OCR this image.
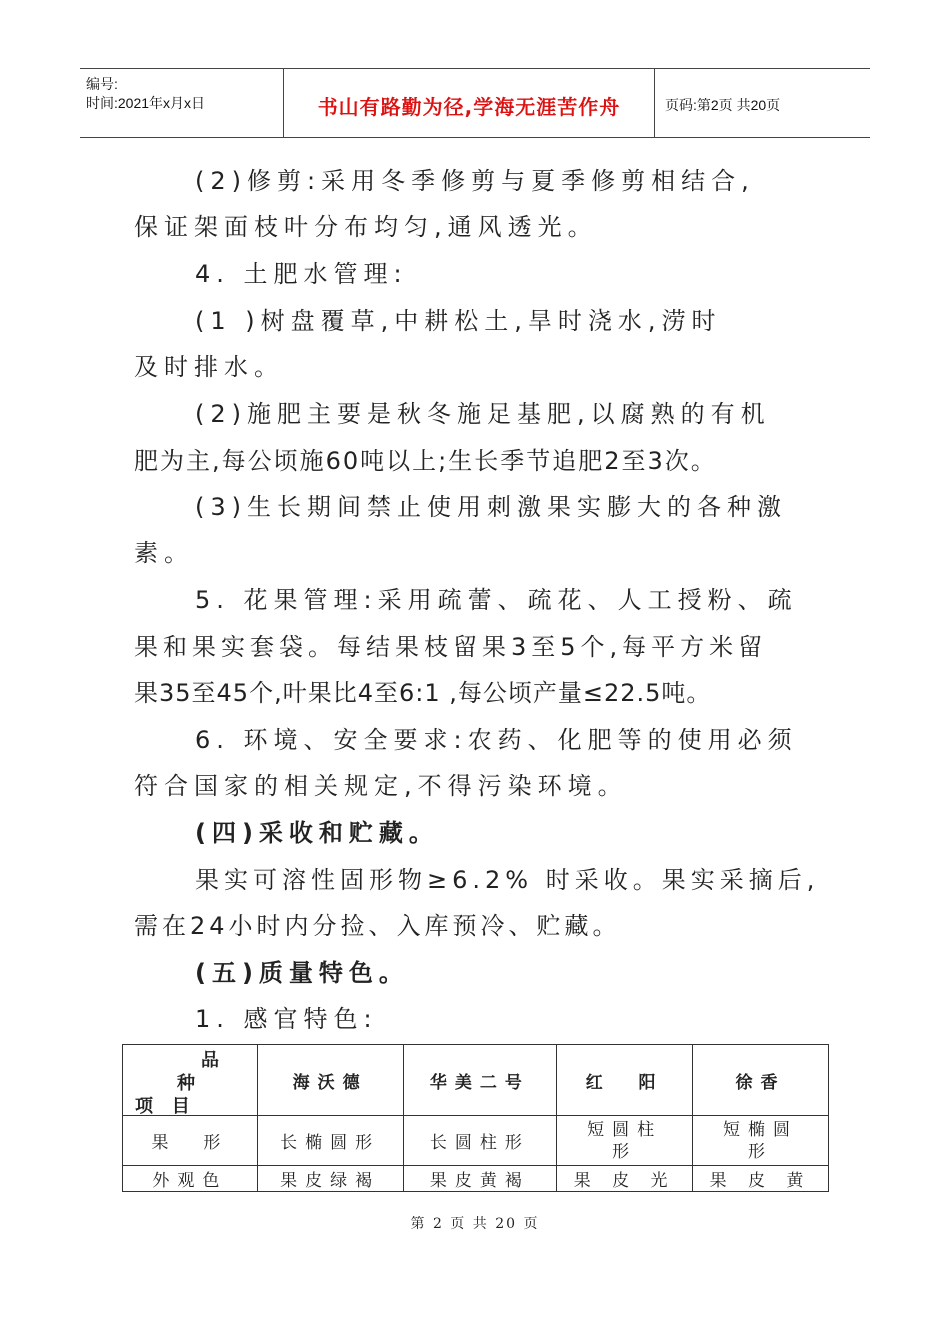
编号:
时间:2021年x月x日	书山有路勤为径,学海无涯苦作舟	页码:第2页 共20页
(2)修剪:采用冬季修剪与夏季修剪相结合,
保证架面枝叶分布均匀,通风透光。
4. 土肥水管理:
(1 )树盘覆草,中耕松土,旱时浇水,涝时
及时排水。
(2)施肥主要是秋冬施足基肥,以腐熟的有机
肥为主,每公顷施60吨以上;生长季节追肥2至3次。
(3)生长期间禁止使用刺激果实膨大的各种激
素。
5. 花果管理:采用疏蕾、疏花、人工授粉、疏
果和果实套袋。每结果枝留果3至5个,每平方米留
果35至45个,叶果比4至6:1 ,每公顷产量≤22.5吨。
6. 环境、安全要求:农药、化肥等的使用必须
符合国家的相关规定,不得污染环境。
(四)采收和贮藏。
果实可溶性固形物≥6.2% 时采收。果实采摘后,
需在24小时内分捡、入库预冷、贮藏。
(五)质量特色。
1. 感官特色:
品
种
项   目	海沃德	华美二号	红  阳	徐香
果  形	长椭圆形	长圆柱形	短圆柱形	短椭圆形
外观色	果皮绿褐	果皮黄褐	果 皮 光	果 皮 黄
第 2 页 共 20 页
